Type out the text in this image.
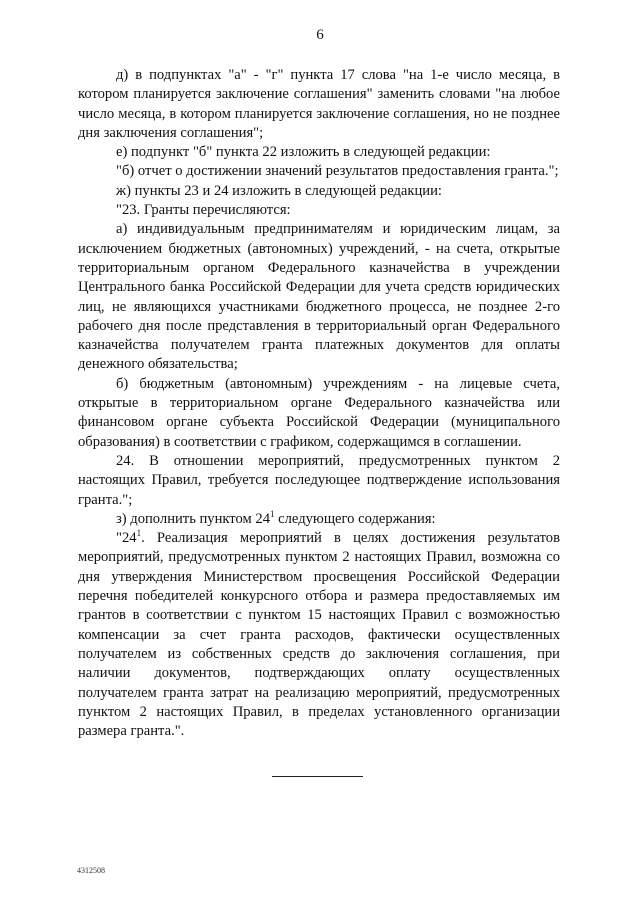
6

д) в подпунктах "а" - "г" пункта 17 слова "на 1-е число месяца, в котором планируется заключение соглашения" заменить словами "на любое число месяца, в котором планируется заключение соглашения, но не позднее дня заключения соглашения";

е) подпункт "б" пункта 22 изложить в следующей редакции:

"б) отчет о достижении значений результатов предоставления гранта.";

ж) пункты 23 и 24 изложить в следующей редакции:

"23. Гранты перечисляются:

а) индивидуальным предпринимателям и юридическим лицам, за исключением бюджетных (автономных) учреждений, - на счета, открытые территориальным органом Федерального казначейства в учреждении Центрального банка Российской Федерации для учета средств юридических лиц, не являющихся участниками бюджетного процесса, не позднее 2-го рабочего дня после представления в территориальный орган Федерального казначейства получателем гранта платежных документов для оплаты денежного обязательства;

б) бюджетным (автономным) учреждениям - на лицевые счета, открытые в территориальном органе Федерального казначейства или финансовом органе субъекта Российской Федерации (муниципального образования) в соответствии с графиком, содержащимся в соглашении.

24. В отношении мероприятий, предусмотренных пунктом 2 настоящих Правил, требуется последующее подтверждение использования гранта.";

з) дополнить пунктом $24^1$ следующего содержания:

"$24^1$. Реализация мероприятий в целях достижения результатов мероприятий, предусмотренных пунктом 2 настоящих Правил, возможна со дня утверждения Министерством просвещения Российской Федерации перечня победителей конкурсного отбора и размера предоставляемых им грантов в соответствии с пунктом 15 настоящих Правил с возможностью компенсации за счет гранта расходов, фактически осуществленных получателем из собственных средств до заключения соглашения, при наличии документов, подтверждающих оплату осуществленных получателем гранта затрат на реализацию мероприятий, предусмотренных пунктом 2 настоящих Правил, в пределах установленного организации размера гранта.".

4312508
